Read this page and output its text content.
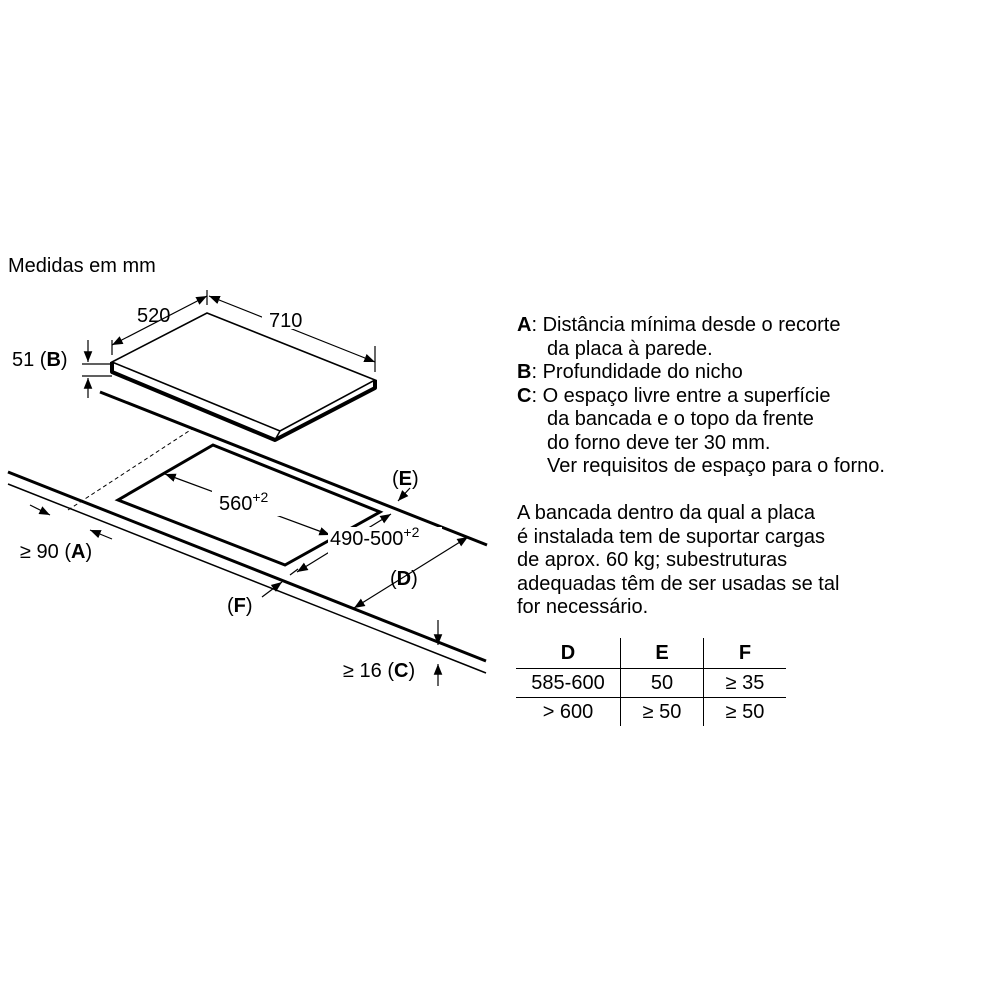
Medidas em mm
520	710
51 (B)
$560^{+2}$
$490-500^{+2}$
(E)
(D)
(F)
≥ 90 (A)
≥ 16 (C)
A: Distância mínima desde o recorte
da placa à parede.
B: Profundidade do nicho
C: O espaço livre entre a superfície
da bancada e o topo da frente
do forno deve ter 30 mm.
Ver requisitos de espaço para o forno.
A bancada dentro da qual a placa
é instalada tem de suportar cargas
de aprox. 60 kg; subestruturas
adequadas têm de ser usadas se tal
for necessário.
D	E	F
585-600	50	≥ 35
> 600	≥ 50	≥ 50
